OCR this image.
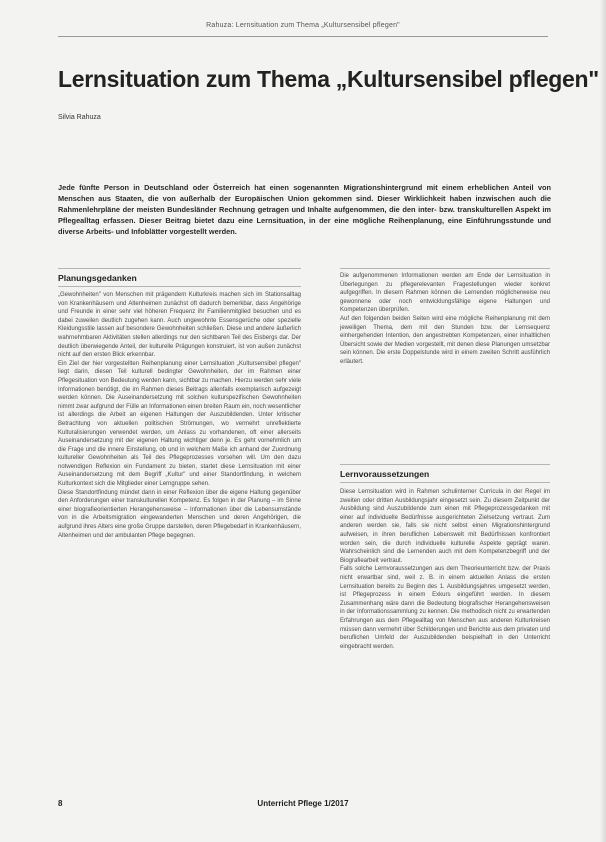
Rahuza: Lernsituation zum Thema „Kultursensibel pflegen"
Lernsituation zum Thema „Kultursensibel pflegen"
Silvia Rahuza
Jede fünfte Person in Deutschland oder Österreich hat einen sogenannten Migrationshintergrund mit einem erheblichen Anteil von Menschen aus Staaten, die von außerhalb der Europäischen Union gekommen sind. Dieser Wirklichkeit haben inzwischen auch die Rahmenlehrpläne der meisten Bundesländer Rechnung getragen und Inhalte aufgenommen, die den inter- bzw. transkulturellen Aspekt im Pflegealltag erfassen. Dieser Beitrag bietet dazu eine Lernsituation, in der eine mögliche Reihenplanung, eine Einführungsstunde und diverse Arbeits- und Infoblätter vorgestellt werden.
Planungsgedanken

„Gewohnheiten" von Menschen mit prägendem Kulturkreis machen sich im Stationsalltag von Krankenhäusern und Altenheimen zunächst oft dadurch bemerkbar, dass Angehörige und Freunde in einer sehr viel höheren Frequenz ihr Familienmitglied besuchen und es dabei zuweilen deutlich zugehen kann. Auch ungewohnte Essensgerüche oder spezielle Kleidungsstile lassen auf besondere Gewohnheiten schließen. Diese und andere äußerlich wahrnehmbaren Aktivitäten stellen allerdings nur den sichtbaren Teil des Eisbergs dar. Der deutlich überwiegende Anteil, der kulturelle Prägungen konstruiert, ist von außen zunächst nicht auf den ersten Blick erkennbar.

Ein Ziel der hier vorgestellten Reihenplanung einer Lernsituation „Kultursensibel pflegen" liegt darin, diesen Teil kulturell bedingter Gewohnheiten, der im Rahmen einer Pflegesituation von Bedeutung werden kann, sichtbar zu machen. Hierzu werden sehr viele Informationen benötigt, die im Rahmen dieses Beitrags allenfalls exemplarisch aufgezeigt werden können. Die Auseinandersetzung mit solchen kulturspezifischen Gewohnheiten nimmt zwar aufgrund der Fülle an Informationen einen breiten Raum ein, noch wesentlicher ist allerdings die Arbeit an eigenen Haltungen der Auszubildenden. Unter kritischer Betrachtung von aktuellen politischen Strömungen, wo vermehrt unreflektierte Kulturalisierungen verwendet werden, um Anlass zu vorhandenen, oft einer allerseits Auseinandersetzung mit der eigenen Haltung wichtiger denn je. Es geht vornehmlich um die Frage und die innere Einstellung, ob und in welchem Maße ich anhand der Zuordnung kultureller Gewohnheiten als Teil des Pflegeprozesses vorsehen will. Um den dazu notwendigen Reflexion ein Fundament zu bieten, startet diese Lernsituation mit einer Auseinandersetzung mit dem Begriff „Kultur" und einer Standortfindung, in welchem Kulturkontext sich die Mitglieder einer Lerngruppe sehen.

Diese Standortfindung mündet dann in einer Reflexion über die eigene Haltung gegenüber den Anforderungen einer transkulturellen Kompetenz. Es folgen in der Planung – im Sinne einer biografieorientierten Herangehensweise – Informationen über die Lebensumstände von in die Arbeitsmigration eingewanderten Menschen und deren Angehörigen, die aufgrund ihres Alters eine große Gruppe darstellen, deren Pflegebedarf in Krankenhäusern, Altenheimen und der ambulanten Pflege begegnen.

Die aufgenommenen Informationen werden am Ende der Lernsituation in Überlegungen zu pflegerelevanten Fragestellungen wieder konkret aufgegriffen. In diesem Rahmen können die Lernenden möglicherweise neu gewonnene oder noch entwicklungsfähige eigene Haltungen und Kompetenzen überprüfen.

Auf den folgenden beiden Seiten wird eine mögliche Reihenplanung mit dem jeweiligen Thema, dem mit den Stunden bzw. der Lernsequenz einhergehenden Intention, den angestrebten Kompetenzen, einer inhaltlichen Übersicht sowie der Medien vorgestellt, mit denen diese Planungen umsetzbar sein können. Die erste Doppelstunde wird in einem zweiten Schritt ausführlich erläutert.

Lernvoraussetzungen

Diese Lernsituation wird in Rahmen schulinterner Curricula in der Regel im zweiten oder dritten Ausbildungsjahr eingesetzt sein. Zu diesem Zeitpunkt der Ausbildung sind Auszubildende zum einen mit Pflegeprozessgedanken mit einer auf individuelle Bedürfnisse ausgerichteten Zielsetzung vertraut. Zum anderen werden sie, falls sie nicht selbst einen Migrationshintergrund aufweisen, in ihren beruflichen Lebenswelt mit Bedürfnissen konfrontiert worden sein, die durch individuelle kulturelle Aspekte geprägt waren. Wahrscheinlich sind die Lernenden auch mit dem Kompetenzbegriff und der Biografiearbeit vertraut.

Falls solche Lernvoraussetzungen aus dem Theorieunterricht bzw. der Praxis nicht erwartbar sind, weil z. B. in einem aktuellen Anlass die ersten Lernsituation bereits zu Beginn des 1. Ausbildungsjahres umgesetzt werden, ist Pflegeprozess in einem Exkurs eingeführt werden. In diesem Zusammenhang wäre dann die Bedeutung biografischer Herangehensweisen in der Informationssammlung zu kennen. Die methodisch nicht zu erwartenden Erfahrungen aus dem Pflegealltag von Menschen aus anderen Kulturkreisen müssen dann vermehrt über Schilderungen und Berichte aus dem privaten und beruflichen Umfeld der Auszubildenden beispielhaft in den Unterricht eingebracht werden.

8	Unterricht Pflege 1/2017
